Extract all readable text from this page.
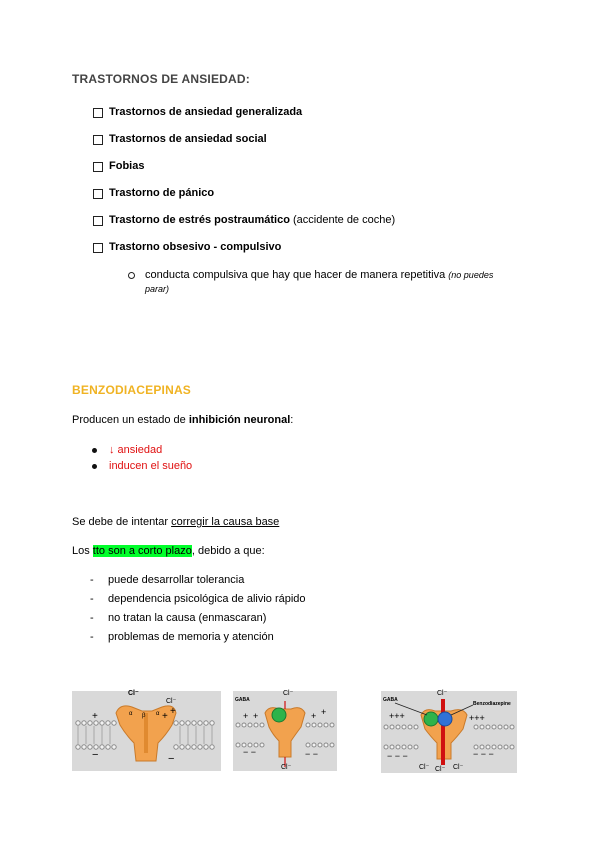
TRASTORNOS DE ANSIEDAD:
Trastornos de ansiedad generalizada
Trastornos de ansiedad social
Fobias
Trastorno de pánico
Trastorno de estrés postraumático (accidente de coche)
Trastorno obsesivo - compulsivo
conducta compulsiva que hay que hacer de manera repetitiva (no puedes parar)
BENZODIACEPINAS
Producen un estado de inhibición neuronal:
↓ ansiedad
inducen el sueño
Se debe de intentar corregir la causa base
Los tto son a corto plazo, debido a que:
-	puede desarrollar tolerancia
-	dependencia psicológica de alivio rápido
-	no tratan la causa (enmascaran)
-	problemas de memoria y atención
Cl⁻
Cl⁻
+	+ +
α β α
−	−
GABA
Cl⁻
+ +	+ +
− −	− −
Cl⁻
GABA
Benzodiazepine
Cl⁻
+++	+++
− − −	− − −
Cl⁻ Cl⁻ Cl⁻
